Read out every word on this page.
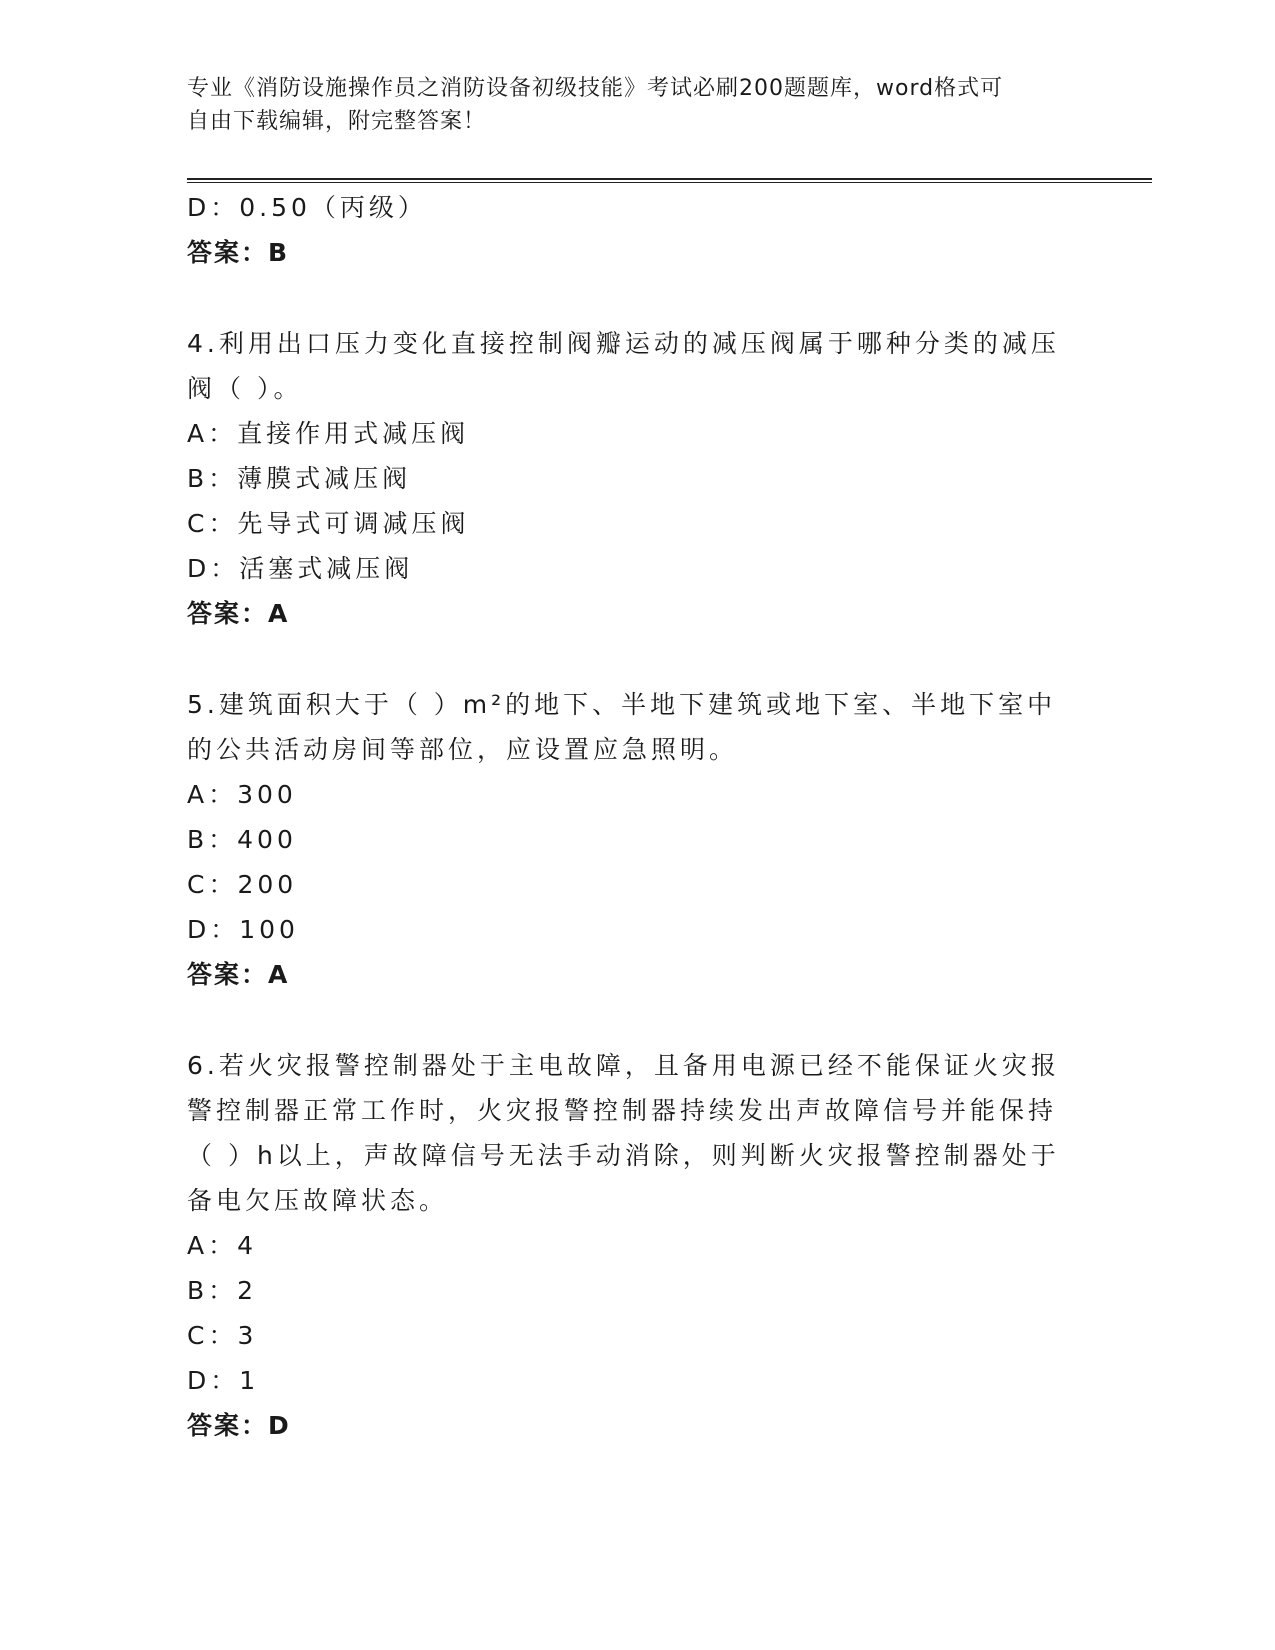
专业《消防设施操作员之消防设备初级技能》考试必刷200题题库，word格式可
自由下载编辑，附完整答案！
D：0.50（丙级）
答案：B
4.利用出口压力变化直接控制阀瓣运动的减压阀属于哪种分类的减压
阀（ ）。
A：直接作用式减压阀
B：薄膜式减压阀
C：先导式可调减压阀
D：活塞式减压阀
答案：A
5.建筑面积大于（ ）m²的地下、半地下建筑或地下室、半地下室中
的公共活动房间等部位，应设置应急照明。
A：300
B：400
C：200
D：100
答案：A
6.若火灾报警控制器处于主电故障，且备用电源已经不能保证火灾报
警控制器正常工作时，火灾报警控制器持续发出声故障信号并能保持
（ ）h以上，声故障信号无法手动消除，则判断火灾报警控制器处于
备电欠压故障状态。
A：4
B：2
C：3
D：1
答案：D
